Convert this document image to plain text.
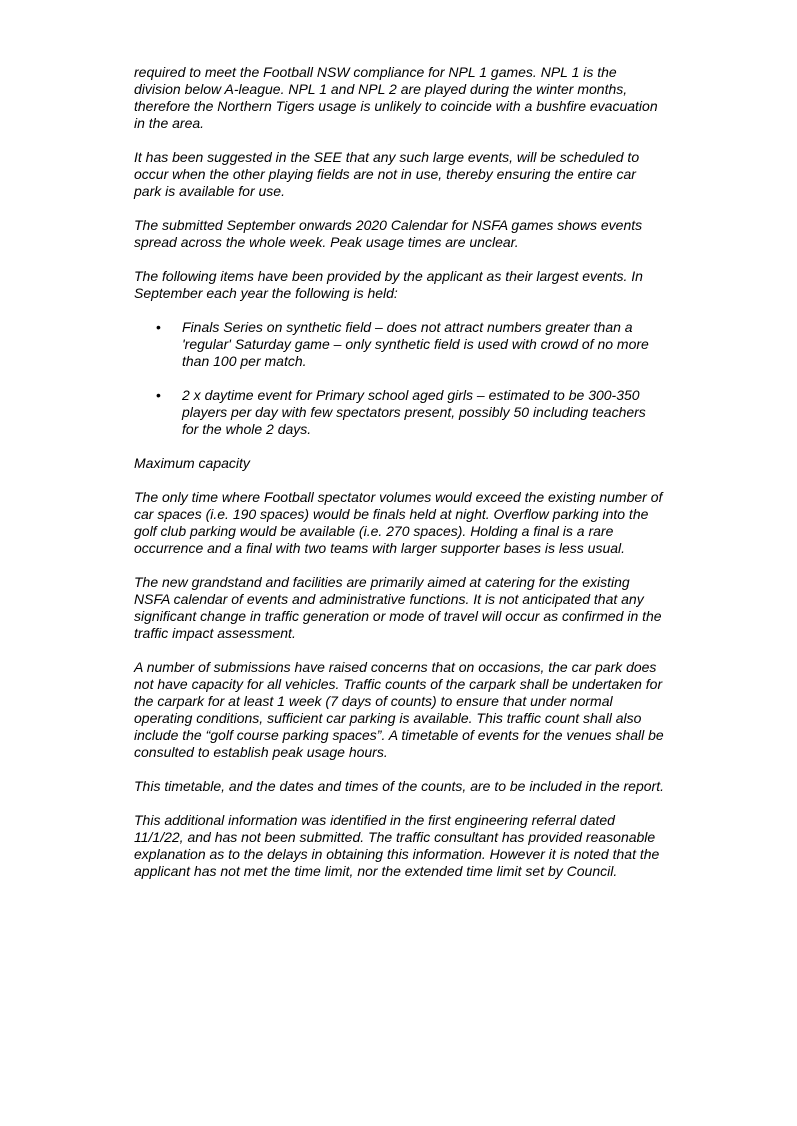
required to meet the Football NSW compliance for NPL 1 games. NPL 1 is the division below A-league. NPL 1 and NPL 2 are played during the winter months, therefore the Northern Tigers usage is unlikely to coincide with a bushfire evacuation in the area.

It has been suggested in the SEE that any such large events, will be scheduled to occur when the other playing fields are not in use, thereby ensuring the entire car park is available for use.

The submitted September onwards 2020 Calendar for NSFA games shows events spread across the whole week. Peak usage times are unclear.

The following items have been provided by the applicant as their largest events. In September each year the following is held:

• Finals Series on synthetic field – does not attract numbers greater than a 'regular' Saturday game – only synthetic field is used with crowd of no more than 100 per match.
• 2 x daytime event for Primary school aged girls – estimated to be 300-350 players per day with few spectators present, possibly 50 including teachers for the whole 2 days.

Maximum capacity

The only time where Football spectator volumes would exceed the existing number of car spaces (i.e. 190 spaces) would be finals held at night. Overflow parking into the golf club parking would be available (i.e. 270 spaces). Holding a final is a rare occurrence and a final with two teams with larger supporter bases is less usual.

The new grandstand and facilities are primarily aimed at catering for the existing NSFA calendar of events and administrative functions. It is not anticipated that any significant change in traffic generation or mode of travel will occur as confirmed in the traffic impact assessment.

A number of submissions have raised concerns that on occasions, the car park does not have capacity for all vehicles. Traffic counts of the carpark shall be undertaken for the carpark for at least 1 week (7 days of counts) to ensure that under normal operating conditions, sufficient car parking is available. This traffic count shall also include the “golf course parking spaces”. A timetable of events for the venues shall be consulted to establish peak usage hours.

This timetable, and the dates and times of the counts, are to be included in the report.

This additional information was identified in the first engineering referral dated 11/1/22, and has not been submitted. The traffic consultant has provided reasonable explanation as to the delays in obtaining this information. However it is noted that the applicant has not met the time limit, nor the extended time limit set by Council.
